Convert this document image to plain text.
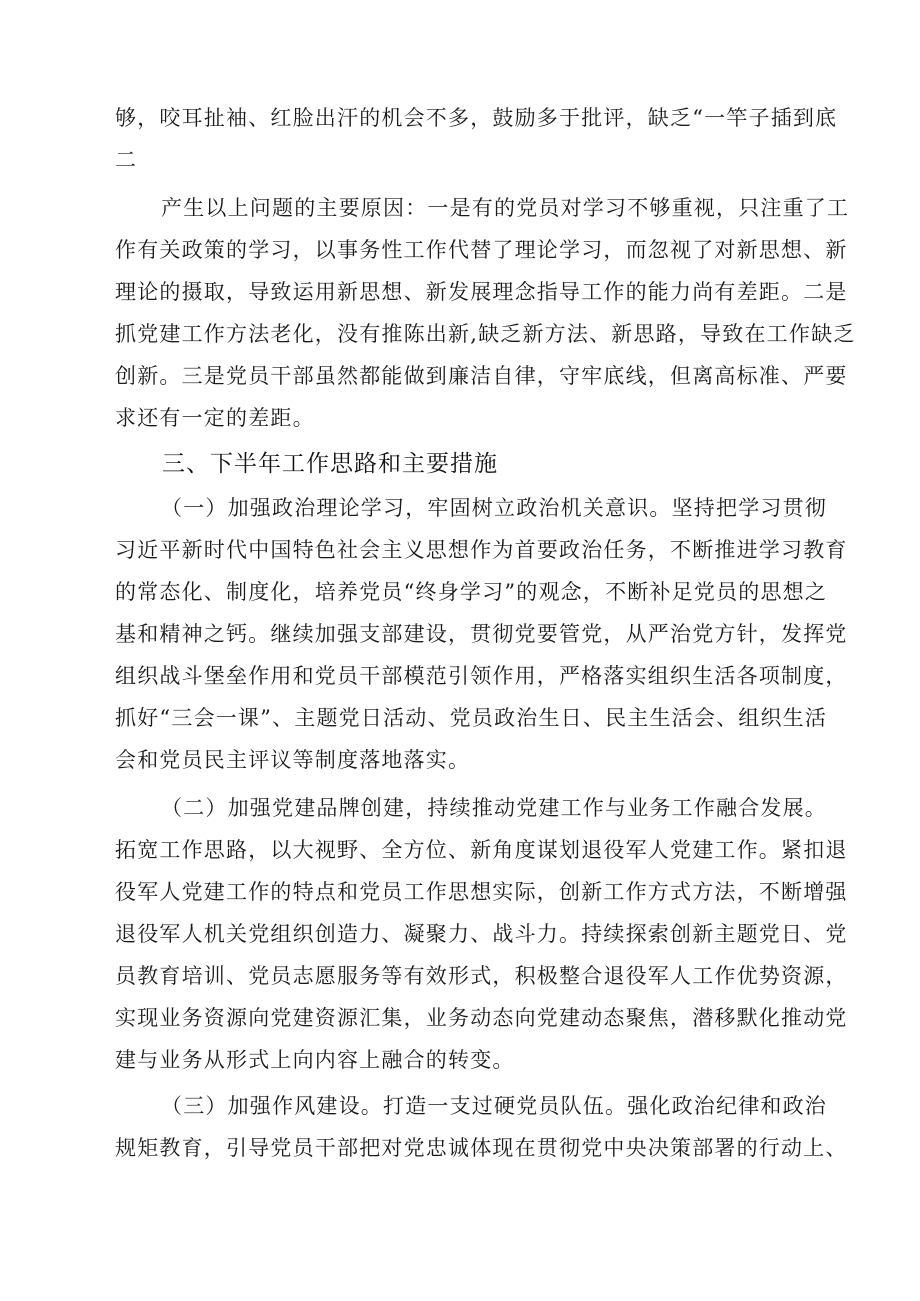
够，咬耳扯袖、红脸出汗的机会不多，鼓励多于批评，缺乏“一竿子插到底
二
产生以上问题的主要原因：一是有的党员对学习不够重视，只注重了工
作有关政策的学习，以事务性工作代替了理论学习，而忽视了对新思想、新
理论的摄取，导致运用新思想、新发展理念指导工作的能力尚有差距。二是
抓党建工作方法老化，没有推陈出新,缺乏新方法、新思路，导致在工作缺乏
创新。三是党员干部虽然都能做到廉洁自律，守牢底线，但离高标准、严要
求还有一定的差距。
三、下半年工作思路和主要措施
（一）加强政治理论学习，牢固树立政治机关意识。坚持把学习贯彻
习近平新时代中国特色社会主义思想作为首要政治任务，不断推进学习教育
的常态化、制度化，培养党员“终身学习”的观念，不断补足党员的思想之
基和精神之钙。继续加强支部建设，贯彻党要管党，从严治党方针，发挥党
组织战斗堡垒作用和党员干部模范引领作用，严格落实组织生活各项制度，
抓好“三会一课”、主题党日活动、党员政治生日、民主生活会、组织生活
会和党员民主评议等制度落地落实。
（二）加强党建品牌创建，持续推动党建工作与业务工作融合发展。
拓宽工作思路，以大视野、全方位、新角度谋划退役军人党建工作。紧扣退
役军人党建工作的特点和党员工作思想实际，创新工作方式方法，不断增强
退役军人机关党组织创造力、凝聚力、战斗力。持续探索创新主题党日、党
员教育培训、党员志愿服务等有效形式，积极整合退役军人工作优势资源，
实现业务资源向党建资源汇集，业务动态向党建动态聚焦，潜移默化推动党
建与业务从形式上向内容上融合的转变。
（三）加强作风建设。打造一支过硬党员队伍。强化政治纪律和政治
规矩教育，引导党员干部把对党忠诚体现在贯彻党中央决策部署的行动上、
